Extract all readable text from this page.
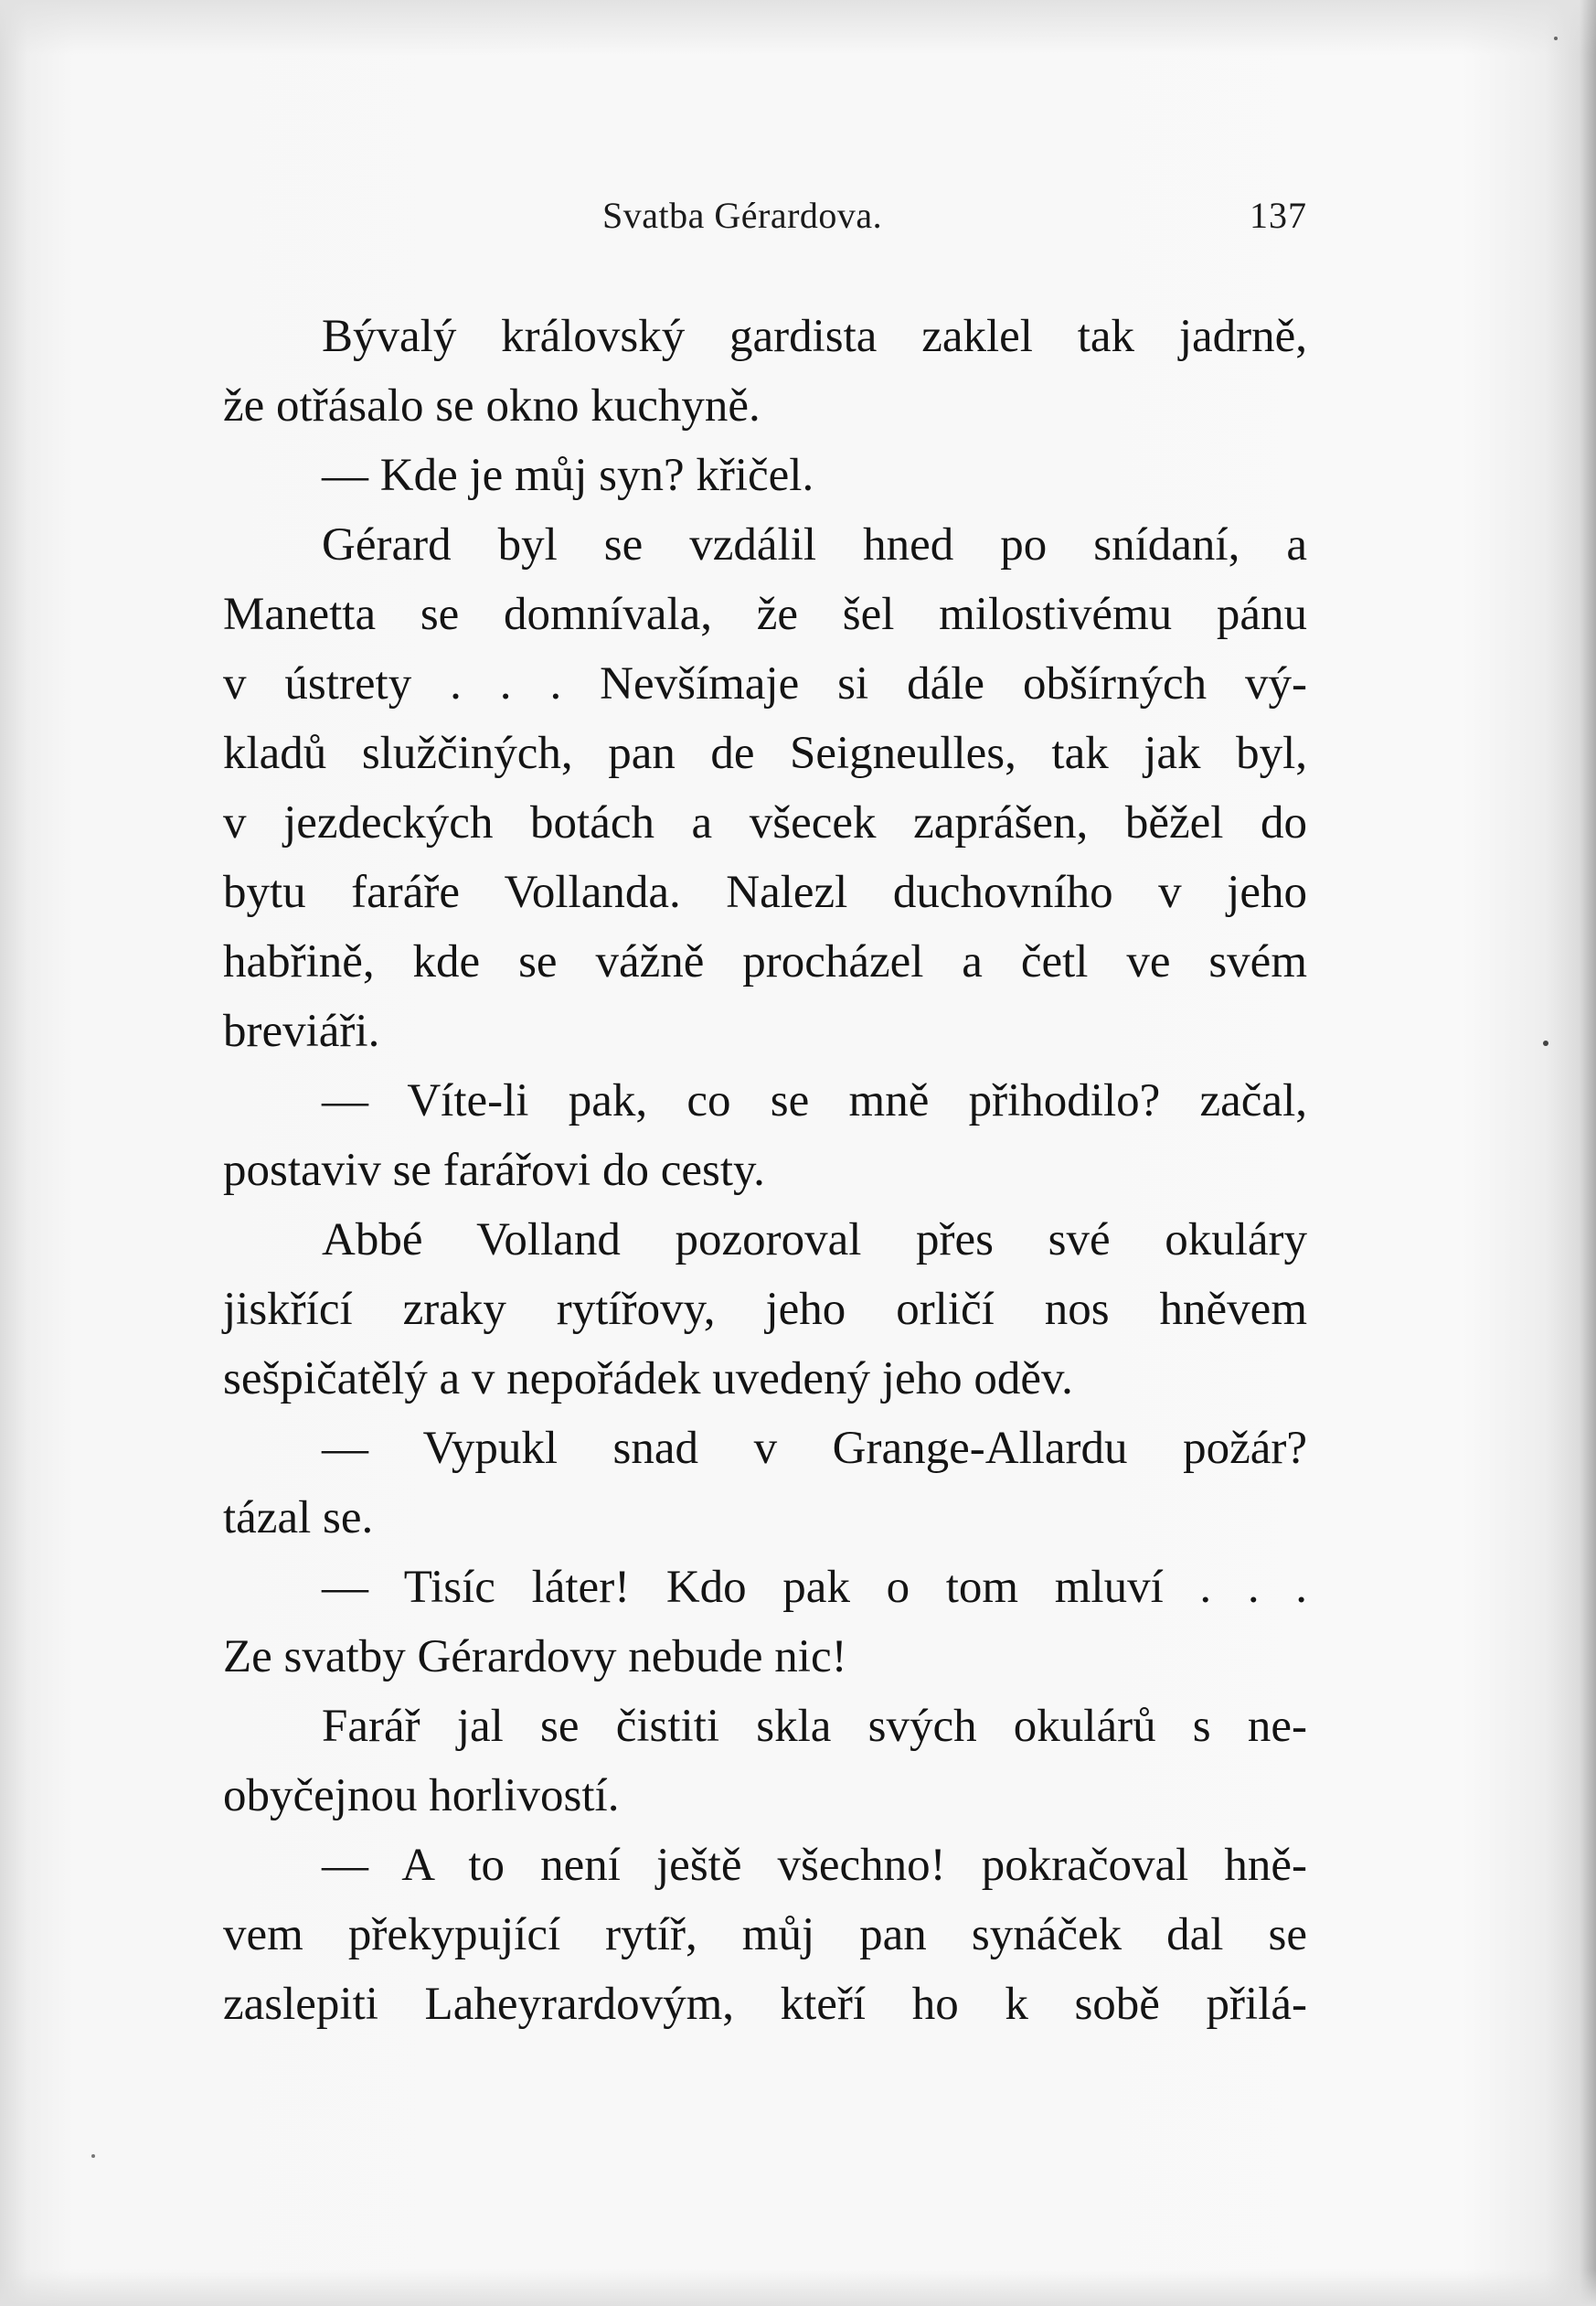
Svatba Gérardova.	137
Bývalý královský gardista zaklel tak jadrně,
že otřásalo se okno kuchyně.
— Kde je můj syn? křičel.
Gérard byl se vzdálil hned po snídaní, a
Manetta se domnívala, že šel milostivému pánu
v ústrety . . . Nevšímaje si dále obšírných vý-
kladů služčiných, pan de Seigneulles, tak jak byl,
v jezdeckých botách a všecek zaprášen, běžel do
bytu faráře Vollanda. Nalezl duchovního v jeho
habřině, kde se vážně procházel a četl ve svém
breviáři.
— Víte-li pak, co se mně přihodilo? začal,
postaviv se farářovi do cesty.
Abbé Volland pozoroval přes své okuláry
jiskřící zraky rytířovy, jeho orličí nos hněvem
sešpičatělý a v nepořádek uvedený jeho oděv.
— Vypukl snad v Grange-Allardu požár?
tázal se.
— Tisíc láter! Kdo pak o tom mluví . . .
Ze svatby Gérardovy nebude nic!
Farář jal se čistiti skla svých okulárů s ne-
obyčejnou horlivostí.
— A to není ještě všechno! pokračoval hně-
vem překypující rytíř, můj pan synáček dal se
zaslepiti Laheyrardovým, kteří ho k sobě přilá-
